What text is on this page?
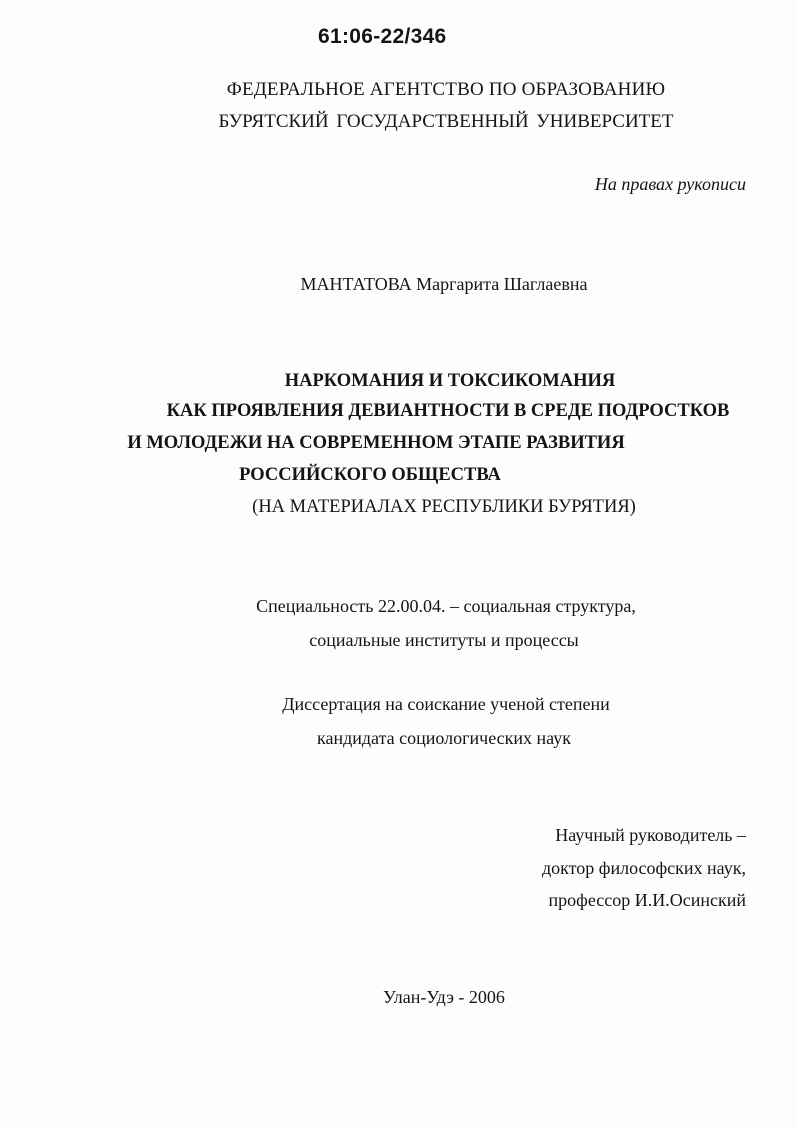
61:06-22/346
ФЕДЕРАЛЬНОЕ АГЕНТСТВО ПО ОБРАЗОВАНИЮ
БУРЯТСКИЙ ГОСУДАРСТВЕННЫЙ УНИВЕРСИТЕТ
На правах рукописи
МАНТАТОВА Маргарита Шаглаевна
НАРКОМАНИЯ И ТОКСИКОМАНИЯ
КАК ПРОЯВЛЕНИЯ ДЕВИАНТНОСТИ В СРЕДЕ ПОДРОСТКОВ
И МОЛОДЕЖИ НА СОВРЕМЕННОМ ЭТАПЕ РАЗВИТИЯ
РОССИЙСКОГО ОБЩЕСТВА
(НА МАТЕРИАЛАХ РЕСПУБЛИКИ БУРЯТИЯ)
Специальность 22.00.04. – социальная структура,
социальные институты и процессы
Диссертация на соискание ученой степени
кандидата социологических наук
Научный руководитель –
доктор философских наук,
профессор И.И.Осинский
Улан-Удэ - 2006
